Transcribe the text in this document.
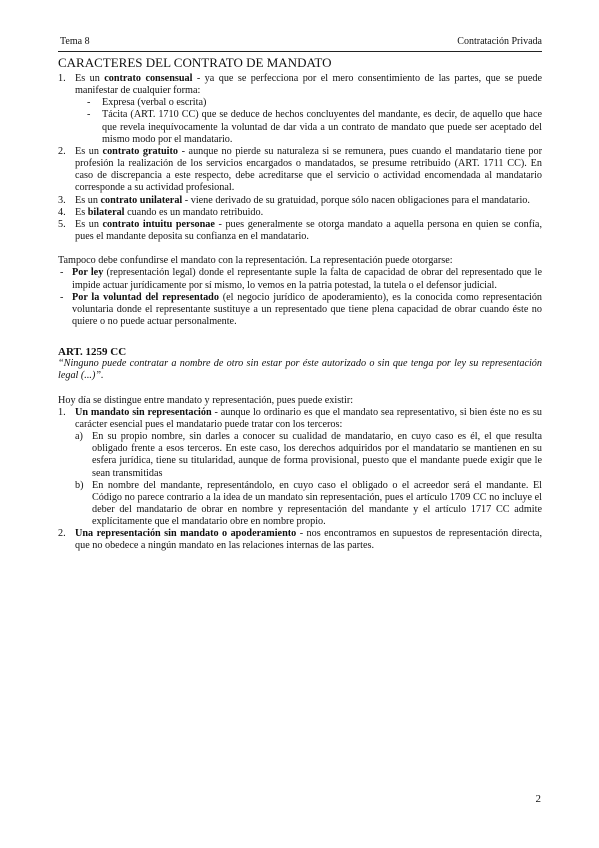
Tema 8	Contratación Privada
CARACTERES DEL CONTRATO DE MANDATO
1. Es un contrato consensual - ya que se perfecciona por el mero consentimiento de las partes, que se puede manifestar de cualquier forma:
- Expresa (verbal o escrita)
- Tácita (ART. 1710 CC) que se deduce de hechos concluyentes del mandante, es decir, de aquello que hace que revela inequívocamente la voluntad de dar vida a un contrato de mandato que puede ser aceptado del mismo modo por el mandatario.
2. Es un contrato gratuito - aunque no pierde su naturaleza si se remunera, pues cuando el mandatario tiene por profesión la realización de los servicios encargados o mandatados, se presume retribuido (ART. 1711 CC). En caso de discrepancia a este respecto, debe acreditarse que el servicio o actividad encomendada al mandatario corresponde a su actividad profesional.
3. Es un contrato unilateral - viene derivado de su gratuidad, porque sólo nacen obligaciones para el mandatario.
4. Es bilateral cuando es un mandato retribuido.
5. Es un contrato intuitu personae - pues generalmente se otorga mandato a aquella persona en quien se confía, pues el mandante deposita su confianza en el mandatario.

Tampoco debe confundirse el mandato con la representación. La representación puede otorgarse:

- Por ley (representación legal) donde el representante suple la falta de capacidad de obrar del representado que le impide actuar jurídicamente por sí mismo, lo vemos en la patria potestad, la tutela o el defensor judicial.
- Por la voluntad del representado (el negocio jurídico de apoderamiento), es la conocida como representación voluntaria donde el representante sustituye a un representado que tiene plena capacidad de obrar cuando éste no quiere o no puede actuar personalmente.

ART. 1259 CC

“Ninguno puede contratar a nombre de otro sin estar por éste autorizado o sin que tenga por ley su representación legal (...)”.

Hoy día se distingue entre mandato y representación, pues puede existir:

1. Un mandato sin representación - aunque lo ordinario es que el mandato sea representativo, si bien éste no es su carácter esencial pues el mandatario puede tratar con los terceros:
a) En su propio nombre, sin darles a conocer su cualidad de mandatario, en cuyo caso es él, el que resulta obligado frente a esos terceros. En este caso, los derechos adquiridos por el mandatario se mantienen en su esfera jurídica, tiene su titularidad, aunque de forma provisional, puesto que el mandante puede exigir que le sean transmitidas
b) En nombre del mandante, representándolo, en cuyo caso el obligado o el acreedor será el mandante. El Código no parece contrario a la idea de un mandato sin representación, pues el artículo 1709 CC no incluye el deber del mandatario de obrar en nombre y representación del mandante y el artículo 1717 CC admite explícitamente que el mandatario obre en nombre propio.
2. Una representación sin mandato o apoderamiento - nos encontramos en supuestos de representación directa, que no obedece a ningún mandato en las relaciones internas de las partes.
2
